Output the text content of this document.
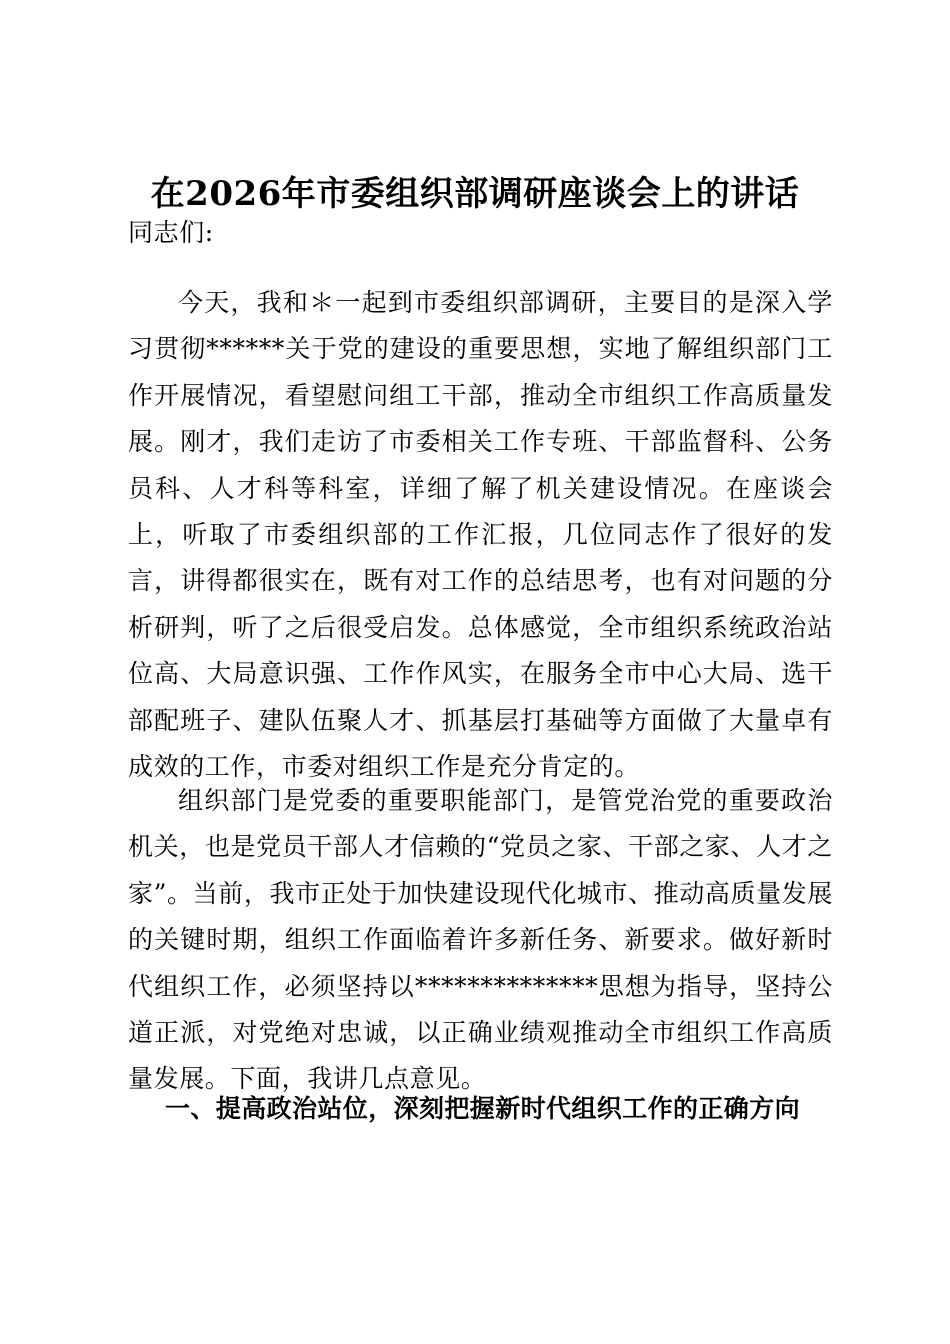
在2026年市委组织部调研座谈会上的讲话

同志们:

今天，我和＊一起到市委组织部调研，主要目的是深入学习贯彻******关于党的建设的重要思想，实地了解组织部门工作开展情况，看望慰问组工干部，推动全市组织工作高质量发展。刚才，我们走访了市委相关工作专班、干部监督科、公务员科、人才科等科室，详细了解了机关建设情况。在座谈会上，听取了市委组织部的工作汇报，几位同志作了很好的发言，讲得都很实在，既有对工作的总结思考，也有对问题的分析研判，听了之后很受启发。总体感觉，全市组织系统政治站位高、大局意识强、工作作风实，在服务全市中心大局、选干部配班子、建队伍聚人才、抓基层打基础等方面做了大量卓有成效的工作，市委对组织工作是充分肯定的。

组织部门是党委的重要职能部门，是管党治党的重要政治机关，也是党员干部人才信赖的“党员之家、干部之家、人才之家”。当前，我市正处于加快建设现代化城市、推动高质量发展的关键时期，组织工作面临着许多新任务、新要求。做好新时代组织工作，必须坚持以**************思想为指导，坚持公道正派，对党绝对忠诚，以正确业绩观推动全市组织工作高质量发展。下面，我讲几点意见。

一、提高政治站位，深刻把握新时代组织工作的正确方向
